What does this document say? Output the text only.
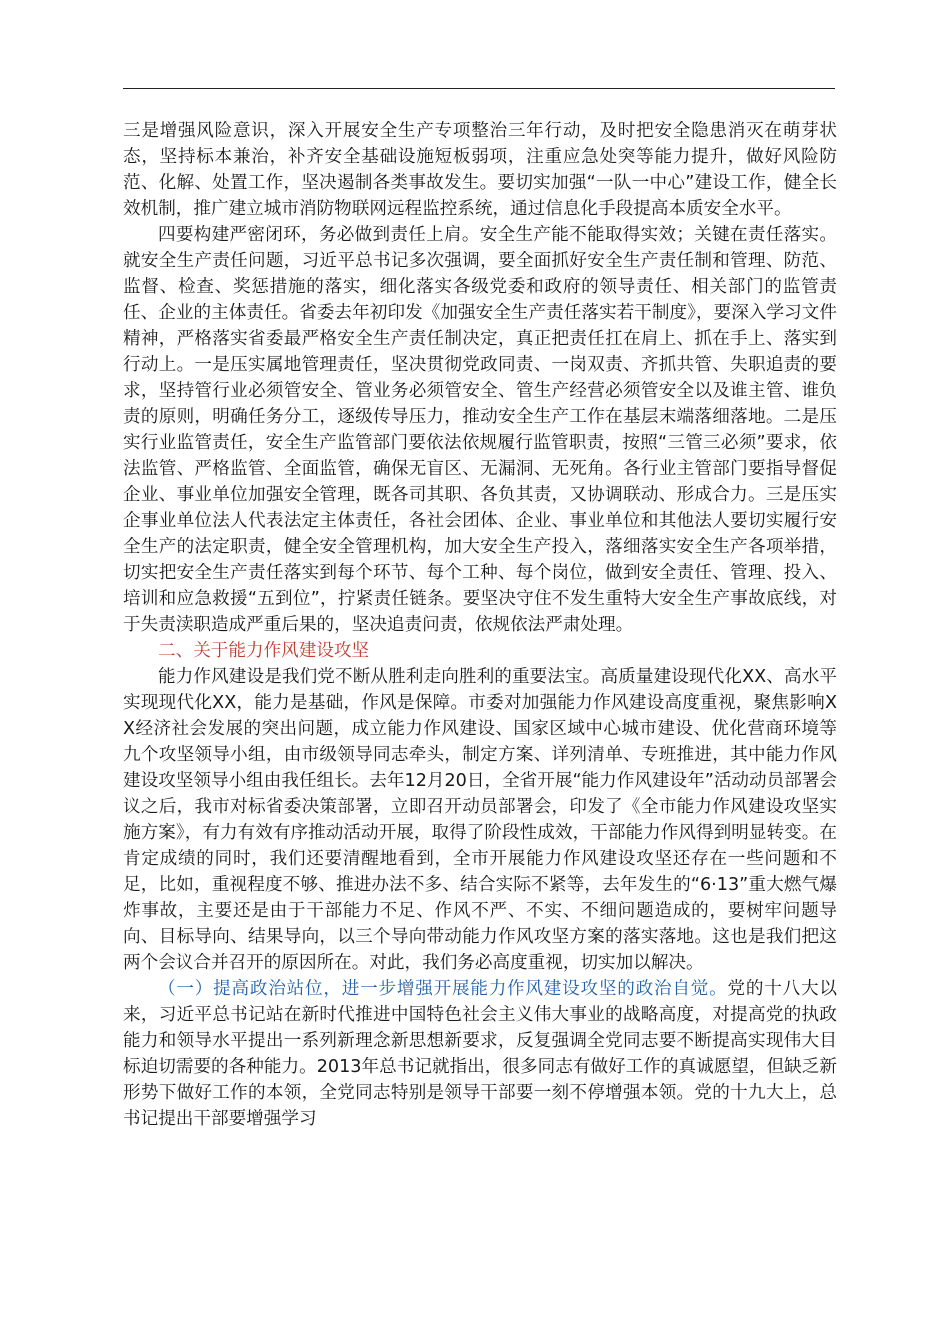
三是增强风险意识，深入开展安全生产专项整治三年行动，及时把安全隐患消灭在萌芽状态，坚持标本兼治，补齐安全基础设施短板弱项，注重应急处突等能力提升，做好风险防范、化解、处置工作，坚决遏制各类事故发生。要切实加强“一队一中心”建设工作，健全长效机制，推广建立城市消防物联网远程监控系统，通过信息化手段提高本质安全水平。

四要构建严密闭环，务必做到责任上肩。安全生产能不能取得实效；关键在责任落实。就安全生产责任问题，习近平总书记多次强调，要全面抓好安全生产责任制和管理、防范、监督、检查、奖惩措施的落实，细化落实各级党委和政府的领导责任、相关部门的监管责任、企业的主体责任。省委去年初印发《加强安全生产责任落实若干制度》，要深入学习文件精神，严格落实省委最严格安全生产责任制决定，真正把责任扛在肩上、抓在手上、落实到行动上。一是压实属地管理责任，坚决贯彻党政同责、一岗双责、齐抓共管、失职追责的要求，坚持管行业必须管安全、管业务必须管安全、管生产经营必须管安全以及谁主管、谁负责的原则，明确任务分工，逐级传导压力，推动安全生产工作在基层末端落细落地。二是压实行业监管责任，安全生产监管部门要依法依规履行监管职责，按照“三管三必须”要求，依法监管、严格监管、全面监管，确保无盲区、无漏洞、无死角。各行业主管部门要指导督促企业、事业单位加强安全管理，既各司其职、各负其责，又协调联动、形成合力。三是压实企事业单位法人代表法定主体责任，各社会团体、企业、事业单位和其他法人要切实履行安全生产的法定职责，健全安全管理机构，加大安全生产投入，落细落实安全生产各项举措，切实把安全生产责任落实到每个环节、每个工种、每个岗位，做到安全责任、管理、投入、培训和应急救援“五到位”，拧紧责任链条。要坚决守住不发生重特大安全生产事故底线，对于失责渎职造成严重后果的，坚决追责问责，依规依法严肃处理。

二、关于能力作风建设攻坚

能力作风建设是我们党不断从胜利走向胜利的重要法宝。高质量建设现代化XX、高水平实现现代化XX，能力是基础，作风是保障。市委对加强能力作风建设高度重视，聚焦影响XX经济社会发展的突出问题，成立能力作风建设、国家区域中心城市建设、优化营商环境等九个攻坚领导小组，由市级领导同志牵头，制定方案、详列清单、专班推进，其中能力作风建设攻坚领导小组由我任组长。去年12月20日，全省开展“能力作风建设年”活动动员部署会议之后，我市对标省委决策部署，立即召开动员部署会，印发了《全市能力作风建设攻坚实施方案》，有力有效有序推动活动开展，取得了阶段性成效，干部能力作风得到明显转变。在肯定成绩的同时，我们还要清醒地看到，全市开展能力作风建设攻坚还存在一些问题和不足，比如，重视程度不够、推进办法不多、结合实际不紧等，去年发生的“6·13”重大燃气爆炸事故，主要还是由于干部能力不足、作风不严、不实、不细问题造成的，要树牢问题导向、目标导向、结果导向，以三个导向带动能力作风攻坚方案的落实落地。这也是我们把这两个会议合并召开的原因所在。对此，我们务必高度重视，切实加以解决。

（一）提高政治站位，进一步增强开展能力作风建设攻坚的政治自觉。党的十八大以来，习近平总书记站在新时代推进中国特色社会主义伟大事业的战略高度，对提高党的执政能力和领导水平提出一系列新理念新思想新要求，反复强调全党同志要不断提高实现伟大目标迫切需要的各种能力。2013年总书记就指出，很多同志有做好工作的真诚愿望，但缺乏新形势下做好工作的本领，全党同志特别是领导干部要一刻不停增强本领。党的十九大上，总书记提出干部要增强学习
